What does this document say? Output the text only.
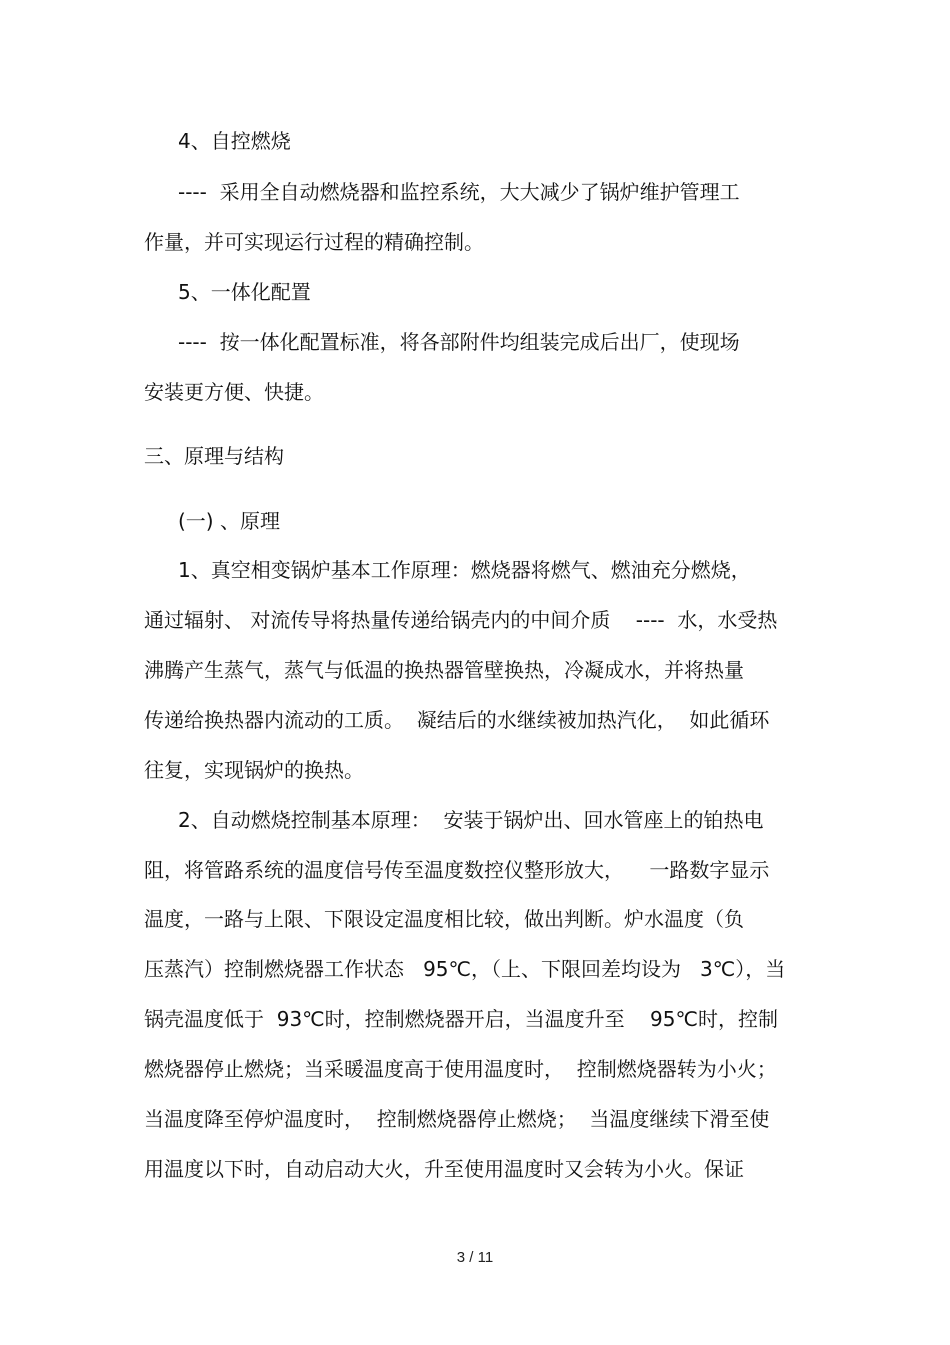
4、自控燃烧

----  采用全自动燃烧器和监控系统，大大减少了锅炉维护管理工

作量，并可实现运行过程的精确控制。

5、一体化配置

----  按一体化配置标准，将各部附件均组装完成后出厂，使现场

安装更方便、快捷。

三、原理与结构

(一) 、原理

1、真空相变锅炉基本工作原理：燃烧器将燃气、燃油充分燃烧，

通过辐射、 对流传导将热量传递给锅壳内的中间介质    ----  水，水受热

沸腾产生蒸气，蒸气与低温的换热器管壁换热，冷凝成水，并将热量

传递给换热器内流动的工质。  凝结后的水继续被加热汽化，  如此循环

往复，实现锅炉的换热。

2、自动燃烧控制基本原理：  安装于锅炉出、回水管座上的铂热电

阻，将管路系统的温度信号传至温度数控仪整形放大，    一路数字显示

温度，一路与上限、下限设定温度相比较，做出判断。炉水温度（负

压蒸汽）控制燃烧器工作状态   95℃，（上、下限回差均设为   3℃），当

锅壳温度低于  93℃时，控制燃烧器开启，当温度升至    95℃时，控制

燃烧器停止燃烧；当采暖温度高于使用温度时，  控制燃烧器转为小火；

当温度降至停炉温度时，  控制燃烧器停止燃烧；  当温度继续下滑至使

用温度以下时，自动启动大火，升至使用温度时又会转为小火。保证

3 / 11
